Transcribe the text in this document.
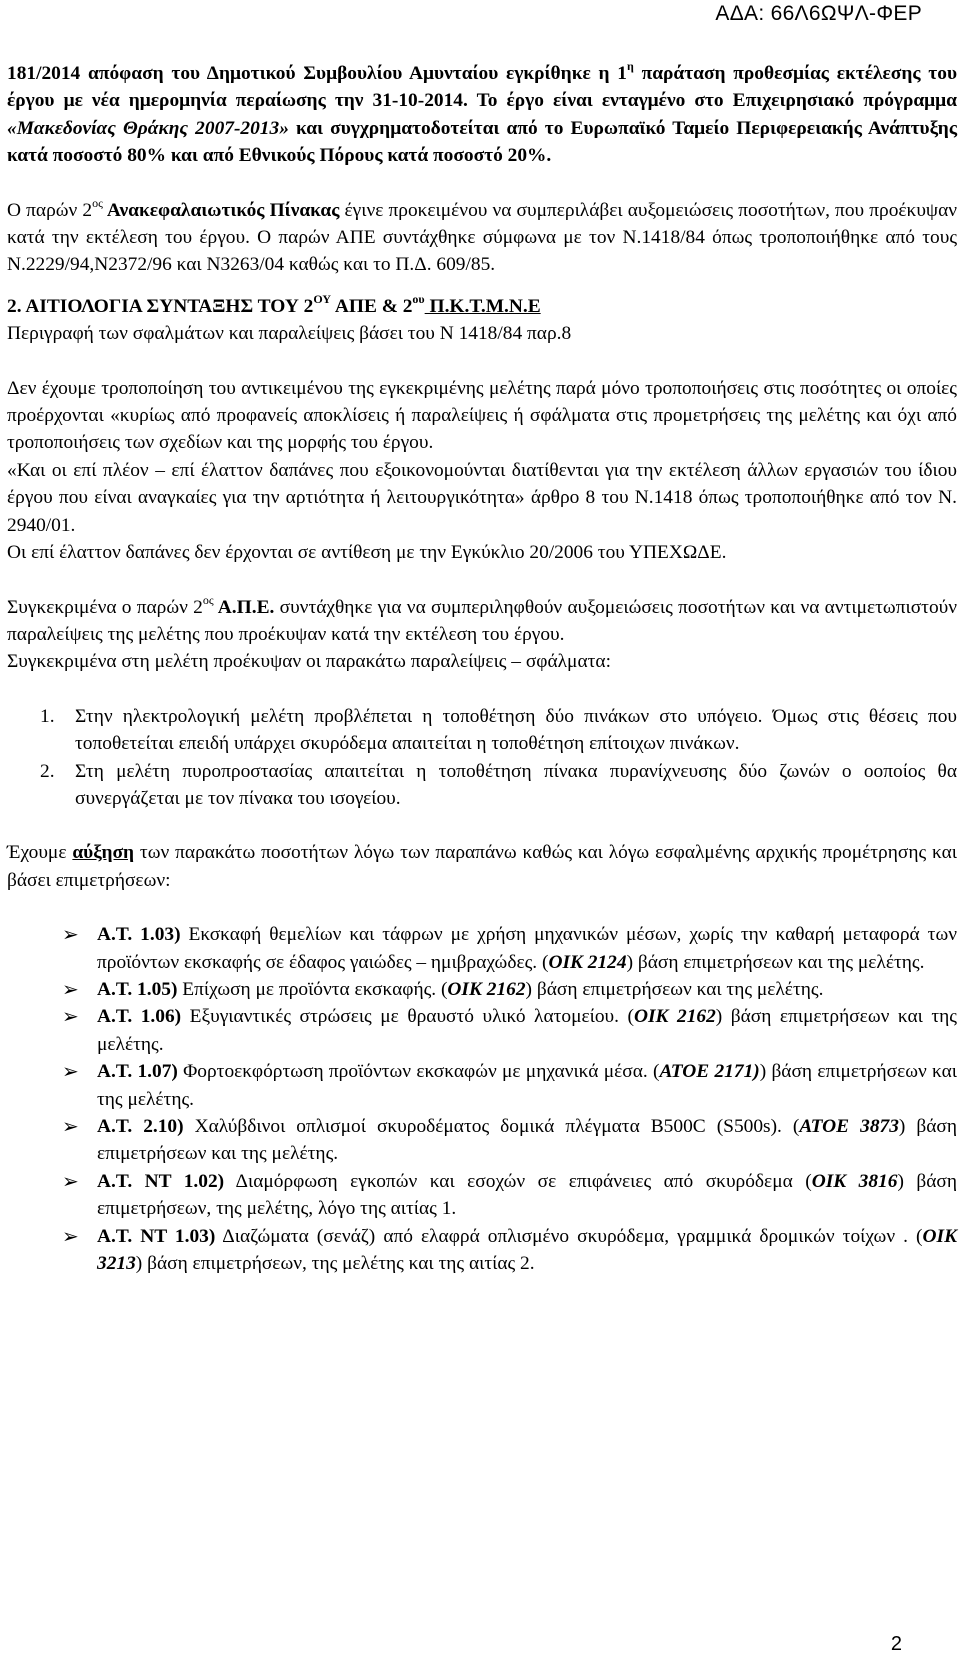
ΑΔΑ: 66Λ6ΩΨΛ-ΦΕΡ

181/2014 απόφαση του Δημοτικού Συμβουλίου Αμυνταίου εγκρίθηκε η $1^\eta$ παράταση προθεσμίας εκτέλεσης του έργου με νέα ημερομηνία περαίωσης την 31-10-2014. Το έργο είναι ενταγμένο στο Επιχειρησιακό πρόγραμμα «Μακεδονίας Θράκης 2007-2013» και συγχρηματοδοτείται από το Ευρωπαϊκό Ταμείο Περιφερειακής Ανάπτυξης κατά ποσοστό 80% και από Εθνικούς Πόρους κατά ποσοστό 20%.

Ο παρών $2^{o\varsigma}$ Ανακεφαλαιωτικός Πίνακας έγινε προκειμένου να συμπεριλάβει αυξομειώσεις ποσοτήτων, που προέκυψαν κατά την εκτέλεση του έργου. Ο παρών ΑΠΕ συντάχθηκε σύμφωνα με τον Ν.1418/84 όπως τροποποιήθηκε από τους Ν.2229/94,Ν2372/96 και Ν3263/04 καθώς και το Π.Δ. 609/85.

2. ΑΙΤΙΟΛΟΓΙΑ ΣΥΝΤΑΞΗΣ ΤΟΥ $2^{O\Upsilon}$ ΑΠΕ & $2^{o\upsilon}$ Π.Κ.Τ.Μ.Ν.Ε

Περιγραφή των σφαλμάτων και παραλείψεις βάσει του Ν 1418/84 παρ.8

Δεν έχουμε τροποποίηση του αντικειμένου της εγκεκριμένης μελέτης παρά μόνο τροποποιήσεις στις ποσότητες οι οποίες προέρχονται «κυρίως από προφανείς αποκλίσεις ή παραλείψεις ή σφάλματα στις προμετρήσεις της μελέτης και όχι από τροποποιήσεις των σχεδίων και της μορφής του έργου.

«Και οι επί πλέον – επί έλαττον δαπάνες που εξοικονομούνται διατίθενται για την εκτέλεση άλλων εργασιών του ίδιου έργου που είναι αναγκαίες για την αρτιότητα ή λειτουργικότητα» άρθρο 8 του Ν.1418 όπως τροποποιήθηκε από τον Ν. 2940/01.

Οι επί έλαττον δαπάνες δεν έρχονται σε αντίθεση με την Εγκύκλιο 20/2006 του ΥΠΕΧΩΔΕ.

Συγκεκριμένα ο παρών $2^{o\varsigma}$ Α.Π.Ε. συντάχθηκε για να συμπεριληφθούν αυξομειώσεις ποσοτήτων και να αντιμετωπιστούν παραλείψεις της μελέτης που προέκυψαν κατά την εκτέλεση του έργου.

Συγκεκριμένα στη μελέτη προέκυψαν οι παρακάτω παραλείψεις – σφάλματα:

1. Στην ηλεκτρολογική μελέτη προβλέπεται η τοποθέτηση δύο πινάκων στο υπόγειο. Όμως στις θέσεις που τοποθετείται επειδή υπάρχει σκυρόδεμα απαιτείται η τοποθέτηση επίτοιχων πινάκων.
2. Στη μελέτη πυροπροστασίας απαιτείται η τοποθέτηση πίνακα πυρανίχνευσης δύο ζωνών ο οοποίος θα συνεργάζεται με τον πίνακα του ισογείου.

Έχουμε αύξηση των παρακάτω ποσοτήτων λόγω των παραπάνω καθώς και λόγω εσφαλμένης αρχικής προμέτρησης και βάσει επιμετρήσεων:

➢ Α.Τ. 1.03) Εκσκαφή θεμελίων και τάφρων με χρήση μηχανικών μέσων, χωρίς την καθαρή μεταφορά των προϊόντων εκσκαφής σε έδαφος γαιώδες – ημιβραχώδες. (ΟΙΚ 2124) βάση επιμετρήσεων και της μελέτης.
➢ Α.Τ. 1.05) Επίχωση με προϊόντα εκσκαφής. (ΟΙΚ 2162) βάση επιμετρήσεων και της μελέτης.
➢ Α.Τ. 1.06) Εξυγιαντικές στρώσεις με θραυστό υλικό λατομείου. (ΟΙΚ 2162) βάση επιμετρήσεων και της μελέτης.
➢ Α.Τ. 1.07) Φορτοεκφόρτωση προϊόντων εκσκαφών με μηχανικά μέσα. (ΑΤΟΕ 2171)) βάση επιμετρήσεων και της μελέτης.
➢ Α.Τ. 2.10) Χαλύβδινοι οπλισμοί σκυροδέματος δομικά πλέγματα B500C (S500s). (ΑΤΟΕ 3873) βάση επιμετρήσεων και της μελέτης.
➢ Α.Τ. ΝΤ 1.02) Διαμόρφωση εγκοπών και εσοχών σε επιφάνειες από σκυρόδεμα (ΟΙΚ 3816) βάση επιμετρήσεων, της μελέτης, λόγο της αιτίας 1.
➢ Α.Τ. ΝΤ 1.03) Διαζώματα (σενάζ) από ελαφρά οπλισμένο σκυρόδεμα, γραμμικά δρομικών τοίχων . (ΟΙΚ 3213) βάση επιμετρήσεων, της μελέτης και της αιτίας 2.
2
